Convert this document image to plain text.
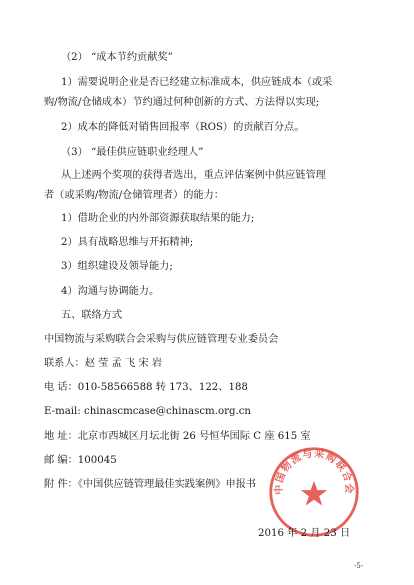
（2） “成本节约贡献奖”
1）需要说明企业是否已经建立标准成本，供应链成本（或采
购/物流/仓储成本）节约通过何种创新的方式、方法得以实现;
2）成本的降低对销售回报率（ROS）的贡献百分点。
（3） “最佳供应链职业经理人”
从上述两个奖项的获得者选出，重点评估案例中供应链管理
者（或采购/物流/仓储管理者）的能力：
1）借助企业的内外部资源获取结果的能力;
2）具有战略思维与开拓精神;
3）组织建设及领导能力;
4）沟通与协调能力。
五、联络方式
中国物流与采购联合会采购与供应链管理专业委员会
联系人：赵 莹 孟 飞 宋 岩
电 话：010-58566588 转 173、122、188
E-mail: chinascmcase@chinascm.org.cn
地 址：北京市西城区月坛北街 26 号恒华国际 C 座 615 室
邮 编：100045
附 件：《中国供应链管理最佳实践案例》申报书	中国物流与采购联合会
2016 年 2 月 23 日
-5-
